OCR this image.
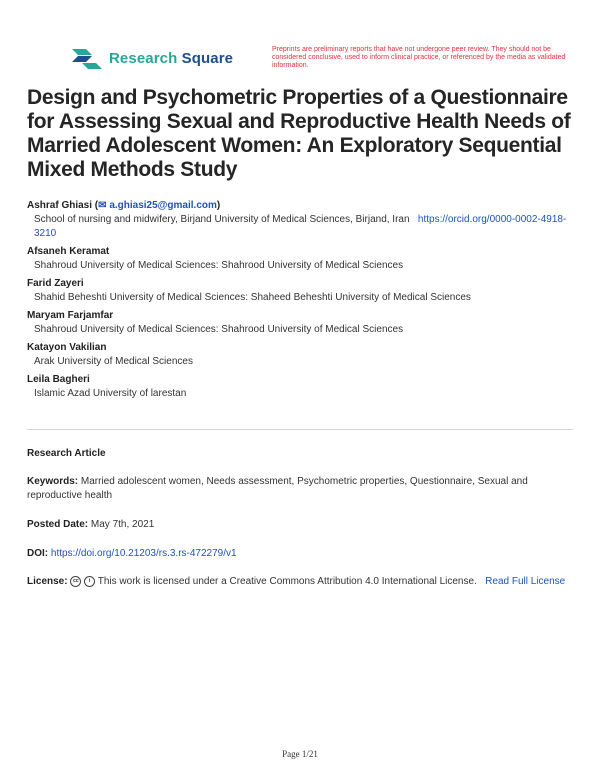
Research Square	Preprints are preliminary reports that have not undergone peer review. They should not be considered conclusive, used to inform clinical practice, or referenced by the media as validated information.
Design and Psychometric Properties of a Questionnaire for Assessing Sexual and Reproductive Health Needs of Married Adolescent Women: An Exploratory Sequential Mixed Methods Study
Ashraf Ghiasi (✉ a.ghiasi25@gmail.com)
School of nursing and midwifery, Birjand University of Medical Sciences, Birjand, Iran https://orcid.org/0000-0002-4918-3210
Afsaneh Keramat
Shahroud University of Medical Sciences: Shahrood University of Medical Sciences
Farid Zayeri
Shahid Beheshti University of Medical Sciences: Shaheed Beheshti University of Medical Sciences
Maryam Farjamfar
Shahroud University of Medical Sciences: Shahrood University of Medical Sciences
Katayon Vakilian
Arak University of Medical Sciences
Leila Bagheri
Islamic Azad University of larestan
Research Article
Keywords: Married adolescent women, Needs assessment, Psychometric properties, Questionnaire, Sexual and reproductive health
Posted Date: May 7th, 2021
DOI: https://doi.org/10.21203/rs.3.rs-472279/v1
License: cc i This work is licensed under a Creative Commons Attribution 4.0 International License. Read Full License
Page 1/21
